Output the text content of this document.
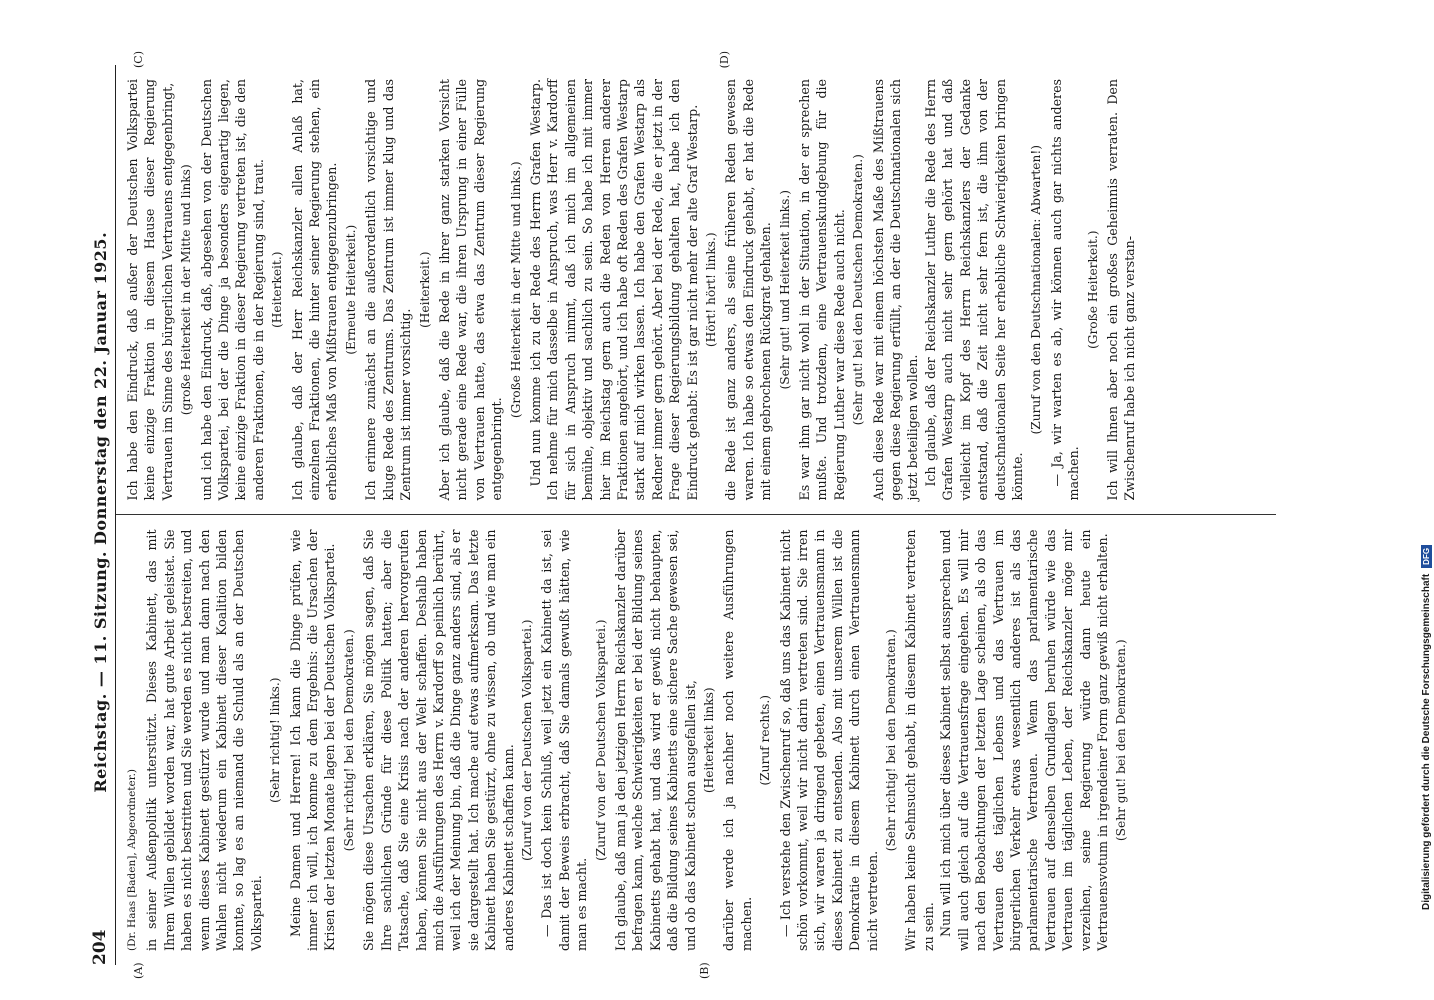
204
Reichstag. — 11. Sitzung. Donnerstag den 22. Januar 1925.
(A)	(B)
(Dr. Haas [Baden], Abgeordneter.) in seiner Außenpolitik unterstützt. Dieses Kabinett, das mit Ihrem Willen gebildet worden war, hat gute Arbeit geleistet. Sie haben es nicht bestritten und Sie werden es nicht bestreiten, und wenn dieses Kabinett gestürzt wurde und man dann nach den Wahlen nicht wiederum ein Kabinett dieser Koalition bilden konnte, so lag es an niemand die Schuld als an der Deutschen Volkspartei.

(Sehr richtig! links.) Meine Damen und Herren! Ich kann die Dinge prüfen, wie immer ich will, ich komme zu dem Ergebnis: die Ursachen der Krisen der letzten Monate lagen bei der Deutschen Volkspartei. (Sehr richtig! bei den Demokraten.) Sie mögen diese Ursachen erklären, Sie mögen sagen, daß Sie Ihre sachlichen Gründe für diese Politik hatten; aber die Tatsache, daß Sie eine Krisis nach der anderen hervorgerufen haben, können Sie nicht aus der Welt schaffen. Deshalb haben mich die Ausführungen des Herrn v. Kardorff so peinlich berührt, weil ich der Meinung bin, daß die Dinge ganz anders sind, als er sie dargestellt hat. Ich mache auf etwas aufmerksam. Das letzte Kabinett haben Sie gestürzt, ohne zu wissen, ob und wie man ein anderes Kabinett schaffen kann. (Zuruf von der Deutschen Volkspartei.) — Das ist doch kein Schluß, weil jetzt ein Kabinett da ist, sei damit der Beweis erbracht, daß Sie damals gewußt hätten, wie man es macht.

(Zuruf von der Deutschen Volkspartei.) Ich glaube, daß man ja den jetzigen Herrn Reichskanzler darüber befragen kann, welche Schwierigkeiten er bei der Bildung seines Kabinetts gehabt hat, und das wird er gewiß nicht behaupten, daß die Bildung seines Kabinetts eine sichere Sache gewesen sei, und ob das Kabinett schon ausgefallen ist, (Heiterkeit links) darüber werde ich ja nachher noch weitere Ausführungen machen.

(Zuruf rechts.) — Ich verstehe den Zwischenruf so, daß uns das Kabinett nicht schön vorkommt, weil wir nicht darin vertreten sind. Sie irren sich, wir waren ja dringend gebeten, einen Vertrauensmann in dieses Kabinett zu entsenden. Also mit unserem Willen ist die Demokratie in diesem Kabinett durch einen Vertrauensmann nicht vertreten.

(Sehr richtig! bei den Demokraten.) Wir haben keine Sehnsucht gehabt, in diesem Kabinett vertreten zu sein. Nun will ich mich über dieses Kabinett selbst aussprechen und will auch gleich auf die Vertrauensfrage eingehen. Es will mir nach den Beobachtungen der letzten Lage scheinen, als ob das Vertrauen des täglichen Lebens und das Vertrauen im bürgerlichen Verkehr etwas wesentlich anderes ist als das parlamentarische Vertrauen. Wenn das parlamentarische Vertrauen auf denselben Grundlagen beruhen würde wie das Vertrauen im täglichen Leben, der Reichskanzler möge mir verzeihen, seine Regierung würde dann heute ein Vertrauensvotum in irgendeiner Form ganz gewiß nicht erhalten. (Sehr gut! bei den Demokraten.)
(C)	(D)

Ich habe den Eindruck, daß außer der Deutschen Volkspartei keine einzige Fraktion in diesem Hause dieser Regierung Vertrauen im Sinne des bürgerlichen Vertrauens entgegenbringt, (große Heiterkeit in der Mitte und links) und ich habe den Eindruck, daß, abgesehen von der Deutschen Volkspartei, bei der die Dinge ja besonders eigenartig liegen, keine einzige Fraktion in dieser Regierung vertreten ist, die den anderen Fraktionen, die in der Regierung sind, traut. (Heiterkeit.) Ich glaube, daß der Herr Reichskanzler allen Anlaß hat, einzelnen Fraktionen, die hinter seiner Regierung stehen, ein erhebliches Maß von Mißtrauen entgegenzubringen. (Erneute Heiterkeit.) Ich erinnere zunächst an die außerordentlich vorsichtige und kluge Rede des Zentrums. Das Zentrum ist immer klug und das Zentrum ist immer vorsichtig.

(Heiterkeit.) Aber ich glaube, daß die Rede in ihrer ganz starken Vorsicht nicht gerade eine Rede war, die ihren Ursprung in einer Fülle von Vertrauen hatte, das etwa das Zentrum dieser Regierung entgegenbringt.

(Große Heiterkeit in der Mitte und links.) Und nun komme ich zu der Rede des Herrn Grafen Westarp. Ich nehme für mich dasselbe in Anspruch, was Herr v. Kardorff für sich in Anspruch nimmt, daß ich mich im allgemeinen bemühe, objektiv und sachlich zu sein. So habe ich mit immer hier im Reichstag gern auch die Reden von Herren anderer Fraktionen angehört, und ich habe oft Reden des Grafen Westarp stark auf mich wirken lassen. Ich habe den Grafen Westarp als Redner immer gern gehört. Aber bei der Rede, die er jetzt in der Frage dieser Regierungsbildung gehalten hat, habe ich den Eindruck gehabt: Es ist gar nicht mehr der alte Graf Westarp. (Hört! hört! links.) die Rede ist ganz anders, als seine früheren Reden gewesen waren. Ich habe so etwas den Eindruck gehabt, er hat die Rede mit einem gebrochenen Rückgrat gehalten. (Sehr gut! und Heiterkeit links.) Es war ihm gar nicht wohl in der Situation, in der er sprechen mußte. Und trotzdem, eine Vertrauenskundgebung für die Regierung Luther war diese Rede auch nicht. (Sehr gut! bei den Deutschen Demokraten.) Auch diese Rede war mit einem höchsten Maße des Mißtrauens gegen diese Regierung erfüllt, an der die Deutschnationalen sich jetzt beteiligen wollen. Ich glaube, daß der Reichskanzler Luther die Rede des Herrn Grafen Westarp auch nicht sehr gern gehört hat und daß vielleicht im Kopf des Herrn Reichskanzlers der Gedanke entstand, daß die Zeit nicht sehr fern ist, die ihm von der deutschnationalen Seite her erhebliche Schwierigkeiten bringen könnte.

(Zuruf von den Deutschnationalen: Abwarten!) — Ja, wir warten es ab, wir können auch gar nichts anderes machen.

(Große Heiterkeit.) Ich will Ihnen aber noch ein großes Geheimnis verraten. Den Zwischenruf habe ich nicht ganz verstan-

Digitalisierung gefördert durch die Deutsche Forschungsgemeinschaft
DFG
